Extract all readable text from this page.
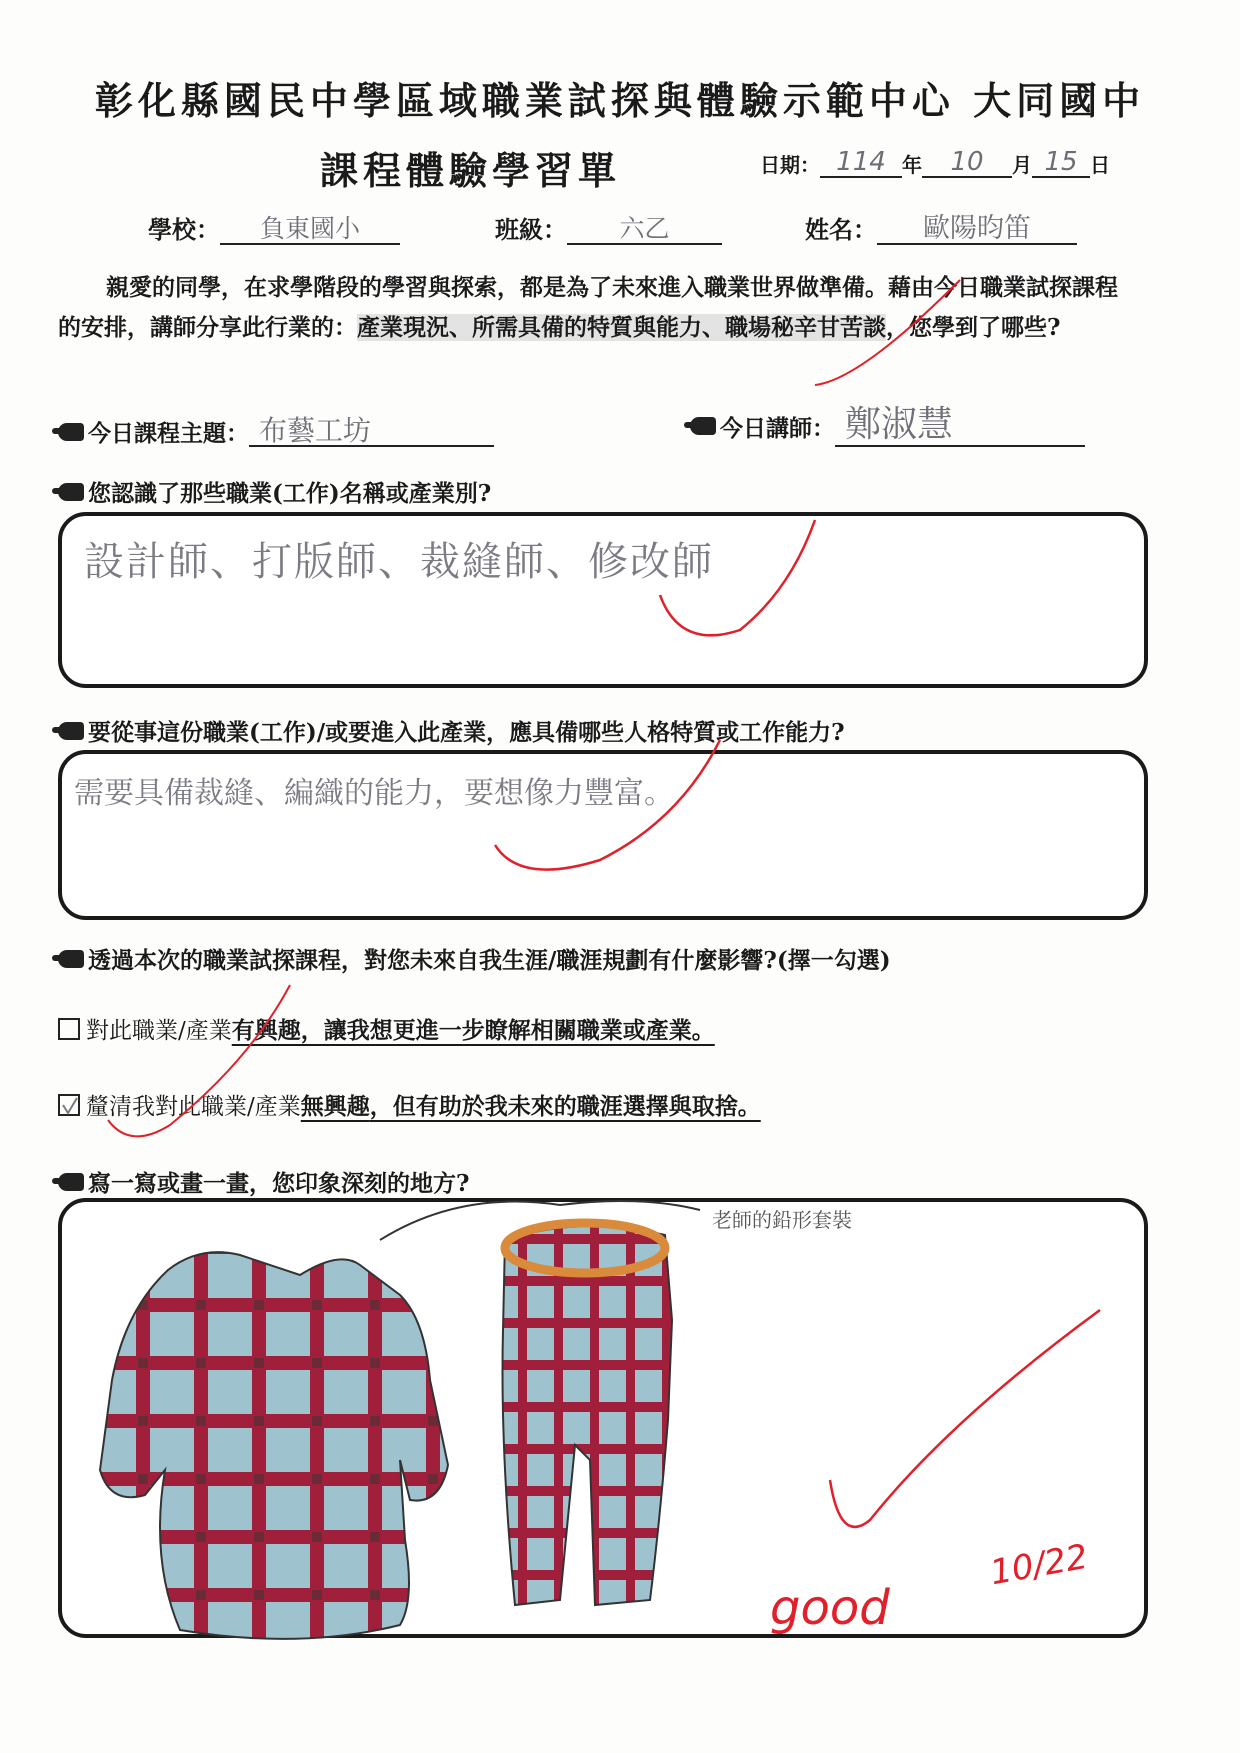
彰化縣國民中學區域職業試探與體驗示範中心 大同國中
課程體驗學習單	日期： 114 年	10	月 15 日
學校：	負東國小	班級：	六乙	姓名：	歐陽昀笛
親愛的同學，在求學階段的學習與探索，都是為了未來進入職業世界做準備。藉由今日職業試探課程的安排，講師分享此行業的：產業現況、所需具備的特質與能力、職場秘辛甘苦談，您學到了哪些?
今日課程主題： 布藝工坊	今日講師： 鄭淑慧
您認識了那些職業(工作)名稱或產業別?
設計師、打版師、裁縫師、修改師
要從事這份職業(工作)/或要進入此產業，應具備哪些人格特質或工作能力?
需要具備裁縫、編織的能力，要想像力豐富。
透過本次的職業試探課程，對您未來自我生涯/職涯規劃有什麼影響?(擇一勾選)
對此職業/產業 有興趣，讓我想更進一步瞭解相關職業或產業。
釐清我對此職業/產業 無興趣 ，但有助於我未來的職涯選擇與取捨。
寫一寫或畫一畫，您印象深刻的地方?
老師的鉛形套裝
good
10/22
